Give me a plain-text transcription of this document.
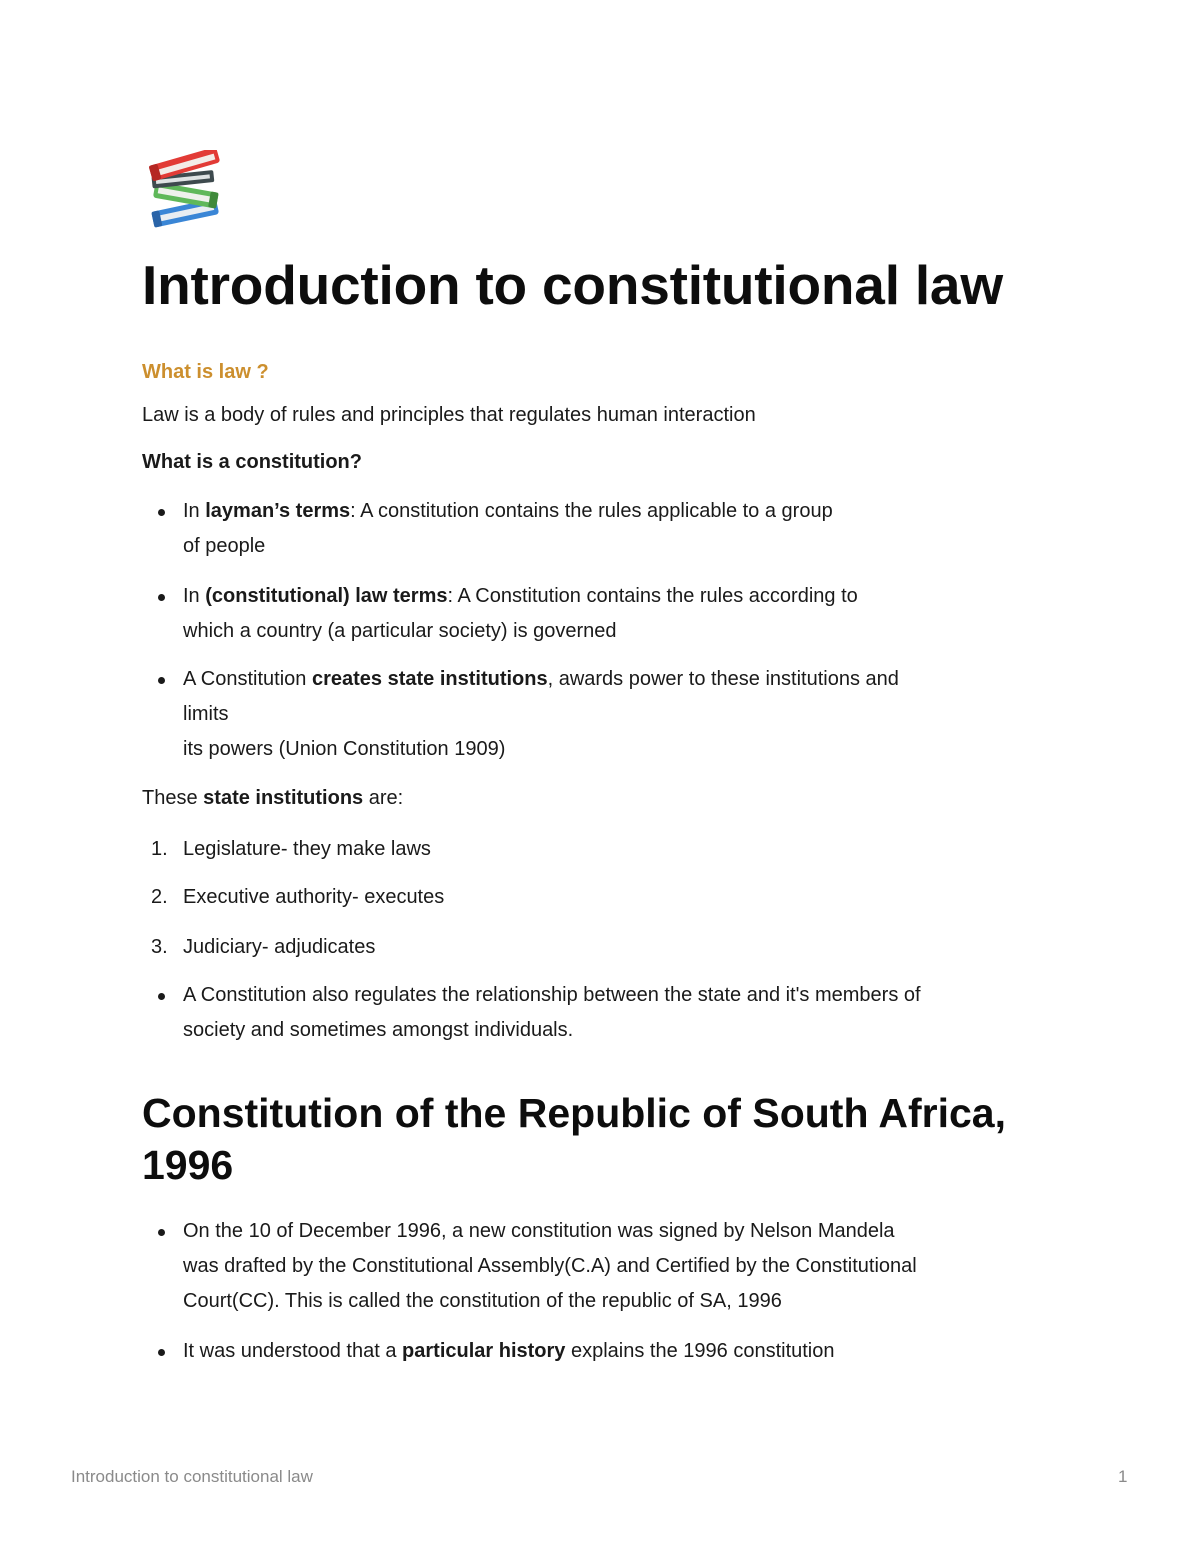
Introduction to constitutional law

What is law ?

Law is a body of rules and principles that regulates human interaction

What is a constitution?

In layman’s terms: A constitution contains the rules applicable to a group
of people
In (constitutional) law terms: A Constitution contains the rules according to
which a country (a particular society) is governed
A Constitution creates state institutions, awards power to these institutions and
limits
its powers (Union Constitution 1909)

These state institutions are:

1. Legislature- they make laws
2. Executive authority- executes
3. Judiciary- adjudicates
A Constitution also regulates the relationship between the state and it's members of
society and sometimes amongst individuals.
Constitution of the Republic of South Africa,
1996
On the 10 of December 1996, a new constitution was signed by Nelson Mandela
was drafted by the Constitutional Assembly(C.A) and Certified by the Constitutional
Court(CC). This is called the constitution of the republic of SA, 1996
It was understood that a particular history explains the 1996 constitution
Introduction to constitutional law	1
